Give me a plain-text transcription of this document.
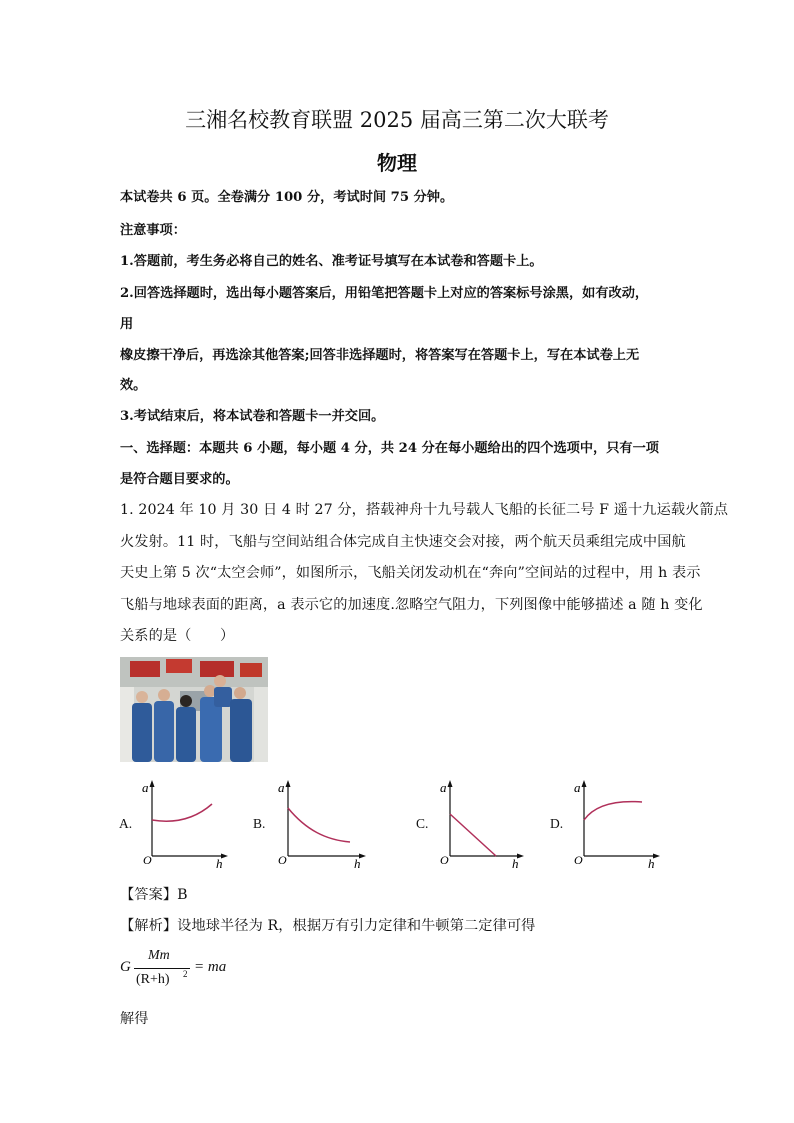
三湘名校教育联盟 2025 届高三第二次大联考
物理
本试卷共 6 页。全卷满分 100 分，考试时间 75 分钟。
注意事项：
1.答题前，考生务必将自己的姓名、准考证号填写在本试卷和答题卡上。
2.回答选择题时，选出每小题答案后，用铅笔把答题卡上对应的答案标号涂黑，如有改动，
用
橡皮擦干净后，再选涂其他答案;回答非选择题时，将答案写在答题卡上，写在本试卷上无
效。
3.考试结束后，将本试卷和答题卡一并交回。
一、选择题：本题共 6 小题，每小题 4 分，共 24 分在每小题给出的四个选项中，只有一项
是符合题目要求的。
1. 2024 年 10 月 30 日 4 时 27 分，搭载神舟十九号载人飞船的长征二号 F 遥十九运载火箭点
火发射。11 时，飞船与空间站组合体完成自主快速交会对接，两个航天员乘组完成中国航
天史上第 5 次“太空会师”，如图所示，飞船关闭发动机在“奔向”空间站的过程中，用 h 表示
飞船与地球表面的距离，a 表示它的加速度.忽略空气阻力，下列图像中能够描述 a 随 h 变化
关系的是（　　）
A.
a
O	h
B.
a
O	h
C.
a
O	h
D.
a
O	h
【答案】B
【解析】设地球半径为 R，根据万有引力定律和牛顿第二定律可得
G
Mm
(R+h) 2 = ma
解得
